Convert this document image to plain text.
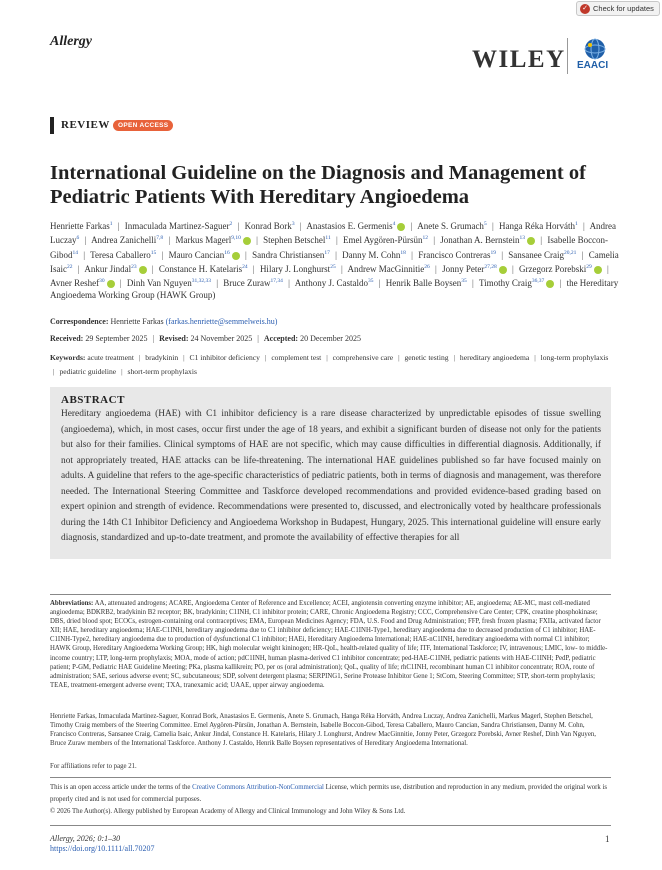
✓ Check for updates
Allergy
WILEY EAACI
REVIEW	OPEN ACCESS
International Guideline on the Diagnosis and Management of Pediatric Patients With Hereditary Angioedema
Henriette Farkas$^1$ | Inmaculada Martinez-Saguer$^2$ | Konrad Bork$^3$ | Anastasios E. Germenis$^4$ | Anete S. Grumach$^5$ | Hanga Réka Horváth$^1$ | Andrea Luczay$^6$ | Andrea Zanichelli$^{7,8}$ | Markus Magerl$^{9,10}$ | Stephen Betschel$^{11}$ | Emel Aygören-Pürsün$^{12}$ | Jonathan A. Bernstein$^{13}$ | Isabelle Boccon-Gibod$^{14}$ | Teresa Caballero$^{15}$ | Mauro Cancian$^{16}$ | Sandra Christiansen$^{17}$ | Danny M. Cohn$^{18}$ | Francisco Contreras$^{19}$ | Sansanee Craig$^{20,21}$ | Camelia Isaic$^{22}$ | Ankur Jindal$^{23}$ | Constance H. Katelaris$^{24}$ | Hilary J. Longhurst$^{25}$ | Andrew MacGinnitie$^{26}$ | Jonny Peter$^{27,28}$ | Grzegorz Porebski$^{29}$ | Avner Reshef$^{30}$ | Dinh Van Nguyen$^{31,32,33}$ | Bruce Zuraw$^{17,34}$ | Anthony J. Castaldo$^{35}$ | Henrik Balle Boysen$^{35}$ | Timothy Craig$^{36,37}$ | the Hereditary Angioedema Working Group (HAWK Group)
Correspondence: Henriette Farkas (farkas.henriette@semmelweis.hu)
Received: 29 September 2025 | Revised: 24 November 2025 | Accepted: 20 December 2025
Keywords: acute treatment | bradykinin | C1 inhibitor deficiency | complement test | comprehensive care | genetic testing | hereditary angioedema | long-term prophylaxis | pediatric guideline | short-term prophylaxis
ABSTRACT
Hereditary angioedema (HAE) with C1 inhibitor deficiency is a rare disease characterized by unpredictable episodes of tissue swelling (angioedema), which, in most cases, occur first under the age of 18 years, and exhibit a significant burden of disease not only for the patients but also for their families. Clinical symptoms of HAE are not specific, which may cause difficulties in differential diagnosis. Additionally, if not appropriately treated, HAE attacks can be life-threatening. The international HAE guidelines published so far have focused mainly on adults. A guideline that refers to the age-specific characteristics of pediatric patients, both in terms of diagnosis and management, was therefore needed. The International Steering Committee and Taskforce developed recommendations and provided evidence-based grading based on expert opinion and strength of evidence. Recommendations were presented to, discussed, and electronically voted by healthcare professionals during the 14th C1 Inhibitor Deficiency and Angioedema Workshop in Budapest, Hungary, 2025. This international guideline will ensure early diagnosis, standardized and up-to-date treatment, and promote the availability of effective therapies for all
Abbreviations: AA, attenuated androgens; ACARE, Angioedema Center of Reference and Excellence; ACEI, angiotensin converting enzyme inhibitor; AE, angioedema; AE-MC, mast cell-mediated angioedema; BDKRB2, bradykinin B2 receptor; BK, bradykinin; C1INH, C1 inhibitor protein; CARE, Chronic Angioedema Registry; CCC, Comprehensive Care Center; CPK, creatine phosphokinase; DBS, dried blood spot; ECOCs, estrogen-containing oral contraceptives; EMA, European Medicines Agency; FDA, U.S. Food and Drug Administration; FFP, fresh frozen plasma; FXIIa, activated factor XII; HAE, hereditary angioedema; HAE-C1INH, hereditary angioedema due to C1 inhibitor deficiency; HAE-C1INH-Type1, hereditary angioedema due to decreased production of C1 inhibitor; HAE-C1INH-Type2, hereditary angioedema due to production of dysfunctional C1 inhibitor; HAEi, Hereditary Angioedema International; HAE-nC1INH, hereditary angioedema with normal C1 inhibitor; HAWK Group, Hereditary Angioedema Working Group; HK, high molecular weight kininogen; HR-QoL, health-related quality of life; ITF, International Taskforce; IV, intravenous; LMIC, low- to middle-income country; LTP, long-term prophylaxis; MOA, mode of action; pdC1INH, human plasma-derived C1 inhibitor concentrate; ped-HAE-C1INH, pediatric patients with HAE-C1INH; PedP, pediatric patient; P-GM, Pediatric HAE Guideline Meeting; PKa, plasma kallikrein; PO, per os (oral administration); QoL, quality of life; rhC1INH, recombinant human C1 inhibitor concentrate; ROA, route of administration; SAE, serious adverse event; SC, subcutaneous; SDP, solvent detergent plasma; SERPING1, Serine Protease Inhibitor Gene 1; StCom, Steering Committee; STP, short-term prophylaxis; TEAE, treatment-emergent adverse event; TXA, tranexamic acid; UAAE, upper airway angioedema.
Henriette Farkas, Inmaculada Martinez-Saguer, Konrad Bork, Anastasios E. Germenis, Anete S. Grumach, Hanga Réka Horváth, Andrea Luczay, Andrea Zanichelli, Markus Magerl, Stephen Betschel, Timothy Craig members of the Steering Committee. Emel Aygören-Pürsün, Jonathan A. Bernstein, Isabelle Boccon-Gibod, Teresa Caballero, Mauro Cancian, Sandra Christiansen, Danny M. Cohn, Francisco Contreras, Sansanee Craig, Camelia Isaic, Ankur Jindal, Constance H. Katelaris, Hilary J. Longhurst, Andrew MacGinnitie, Jonny Peter, Grzegorz Porebski, Avner Reshef, Dinh Van Nguyen, Bruce Zuraw members of the International Taskforce. Anthony J. Castaldo, Henrik Balle Boysen representatives of Hereditary Angioedema International.
For affiliations refer to page 21.
This is an open access article under the terms of the Creative Commons Attribution-NonCommercial License, which permits use, distribution and reproduction in any medium, provided the original work is properly cited and is not used for commercial purposes.
© 2026 The Author(s). Allergy published by European Academy of Allergy and Clinical Immunology and John Wiley & Sons Ltd.
Allergy, 2026; 0:1–30
https://doi.org/10.1111/all.70207
1
